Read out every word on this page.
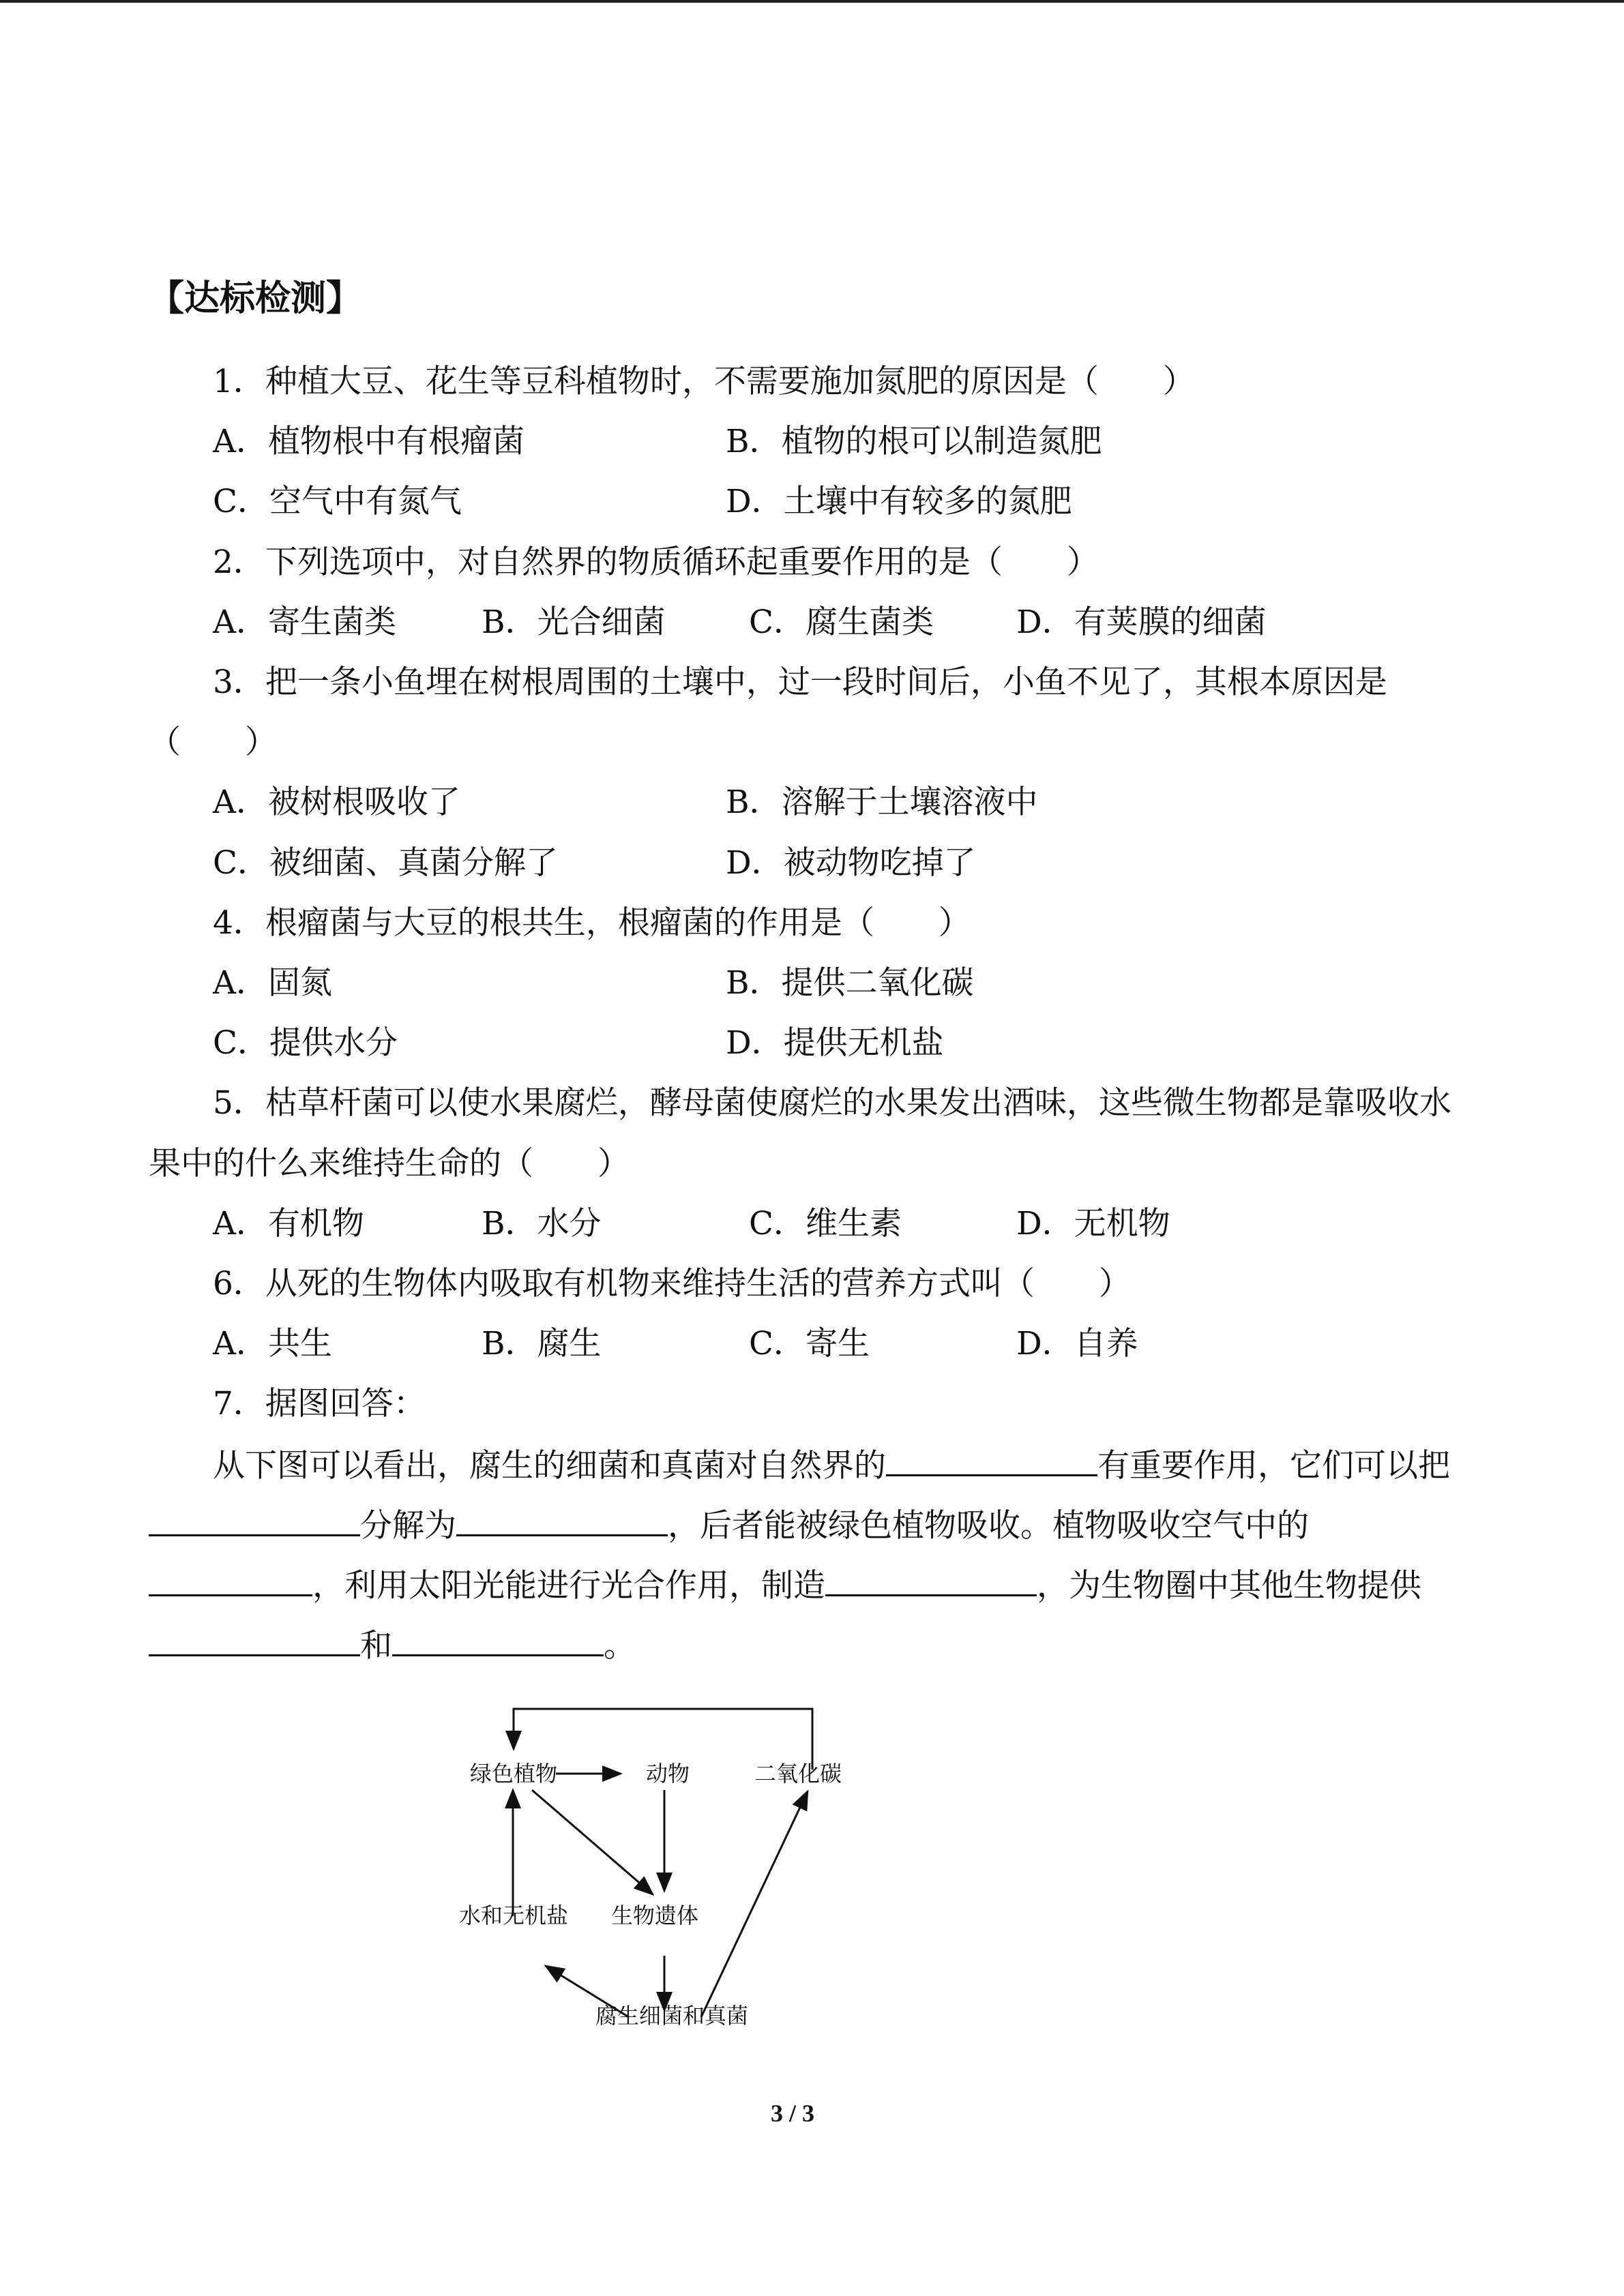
【达标检测】
1．种植大豆、花生等豆科植物时，不需要施加氮肥的原因是（　　）
A．植物根中有根瘤菌	B．植物的根可以制造氮肥
C．空气中有氮气	D．土壤中有较多的氮肥
2．下列选项中，对自然界的物质循环起重要作用的是（　　）
A．寄生菌类	B．光合细菌	C．腐生菌类	D．有荚膜的细菌
3．把一条小鱼埋在树根周围的土壤中，过一段时间后，小鱼不见了，其根本原因是
（　　）
A．被树根吸收了	B．溶解于土壤溶液中
C．被细菌、真菌分解了	D．被动物吃掉了
4．根瘤菌与大豆的根共生，根瘤菌的作用是（　　）
A．固氮	B．提供二氧化碳
C．提供水分	D．提供无机盐
5．枯草杆菌可以使水果腐烂，酵母菌使腐烂的水果发出酒味，这些微生物都是靠吸收水
果中的什么来维持生命的（　　）
A．有机物	B．水分	C．维生素	D．无机物
6．从死的生物体内吸取有机物来维持生活的营养方式叫（　　）
A．共生	B．腐生	C．寄生	D．自养
7．据图回答：
从下图可以看出，腐生的细菌和真菌对自然界的	有重要作用，它们可以把
分解为	，后者能被绿色植物吸收。植物吸收空气中的
，利用太阳光能进行光合作用，制造	，为生物圈中其他生物提供
和	。
绿色植物	动物	二氧化碳
水和无机盐 生物遗体
腐生细菌和真菌
3 / 3
